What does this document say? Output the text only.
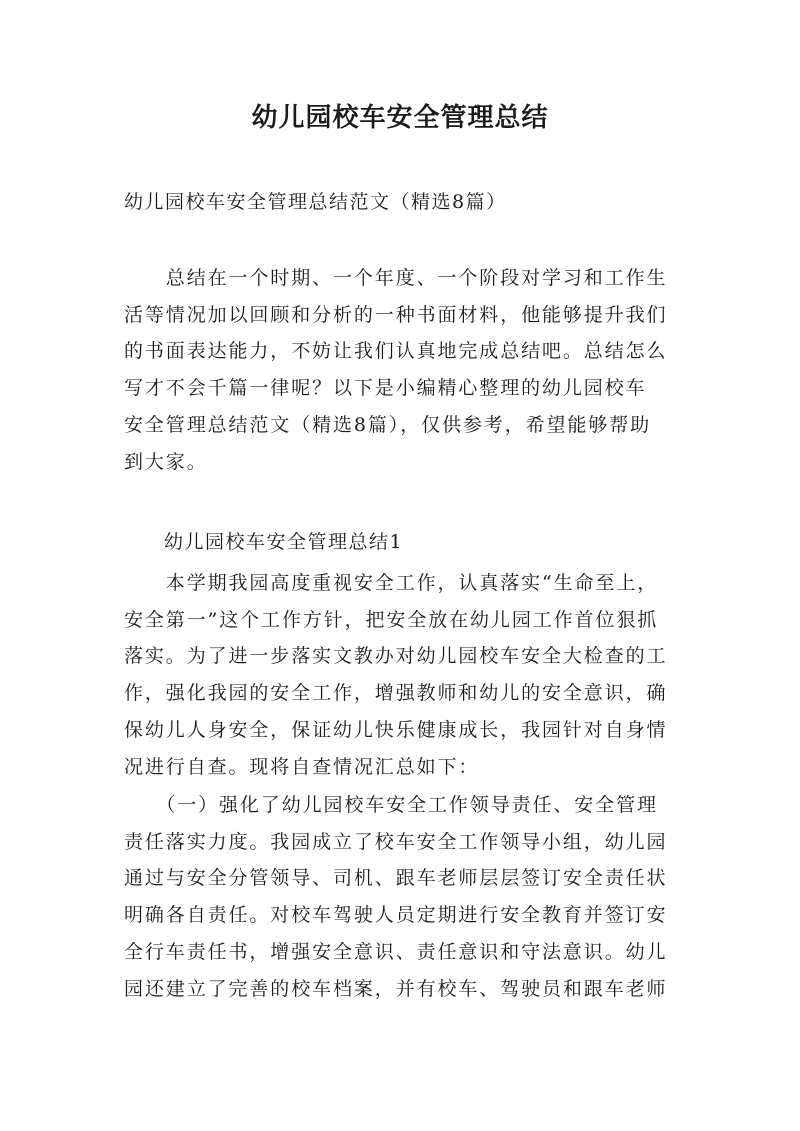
幼儿园校车安全管理总结
幼儿园校车安全管理总结范文（精选8篇）

　　总结在一个时期、一个年度、一个阶段对学习和工作生
活等情况加以回顾和分析的一种书面材料，他能够提升我们
的书面表达能力，不妨让我们认真地完成总结吧。总结怎么
写才不会千篇一律呢？以下是小编精心整理的幼儿园校车
安全管理总结范文（精选8篇），仅供参考，希望能够帮助
到大家。

幼儿园校车安全管理总结1

　　本学期我园高度重视安全工作，认真落实“生命至上，
安全第一”这个工作方针，把安全放在幼儿园工作首位狠抓
落实。为了进一步落实文教办对幼儿园校车安全大检查的工
作，强化我园的安全工作，增强教师和幼儿的安全意识，确
保幼儿人身安全，保证幼儿快乐健康成长，我园针对自身情
况进行自查。现将自查情况汇总如下：

　　（一）强化了幼儿园校车安全工作领导责任、安全管理
责任落实力度。我园成立了校车安全工作领导小组，幼儿园
通过与安全分管领导、司机、跟车老师层层签订安全责任状
明确各自责任。对校车驾驶人员定期进行安全教育并签订安
全行车责任书，增强安全意识、责任意识和守法意识。幼儿
园还建立了完善的校车档案，并有校车、驾驶员和跟车老师
